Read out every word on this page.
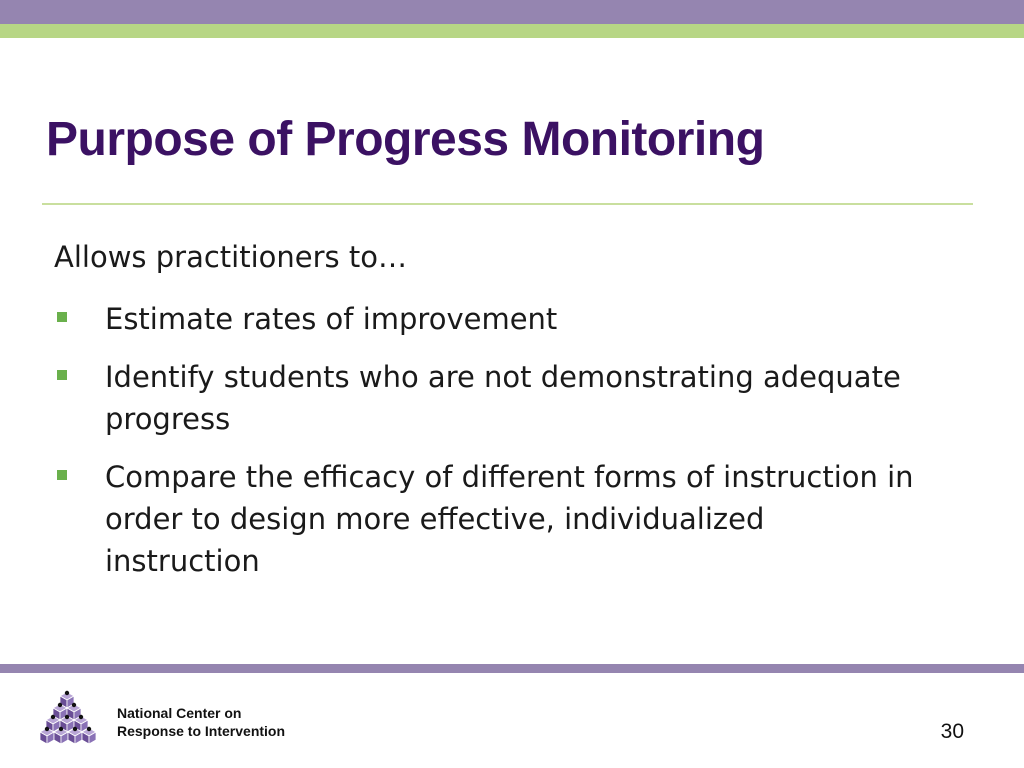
Purpose of Progress Monitoring
Allows practitioners to…
Estimate rates of improvement
Identify students who are not demonstrating adequate progress
Compare the efficacy of different forms of instruction in order to design more effective, individualized instruction
National Center on
Response to Intervention	30
